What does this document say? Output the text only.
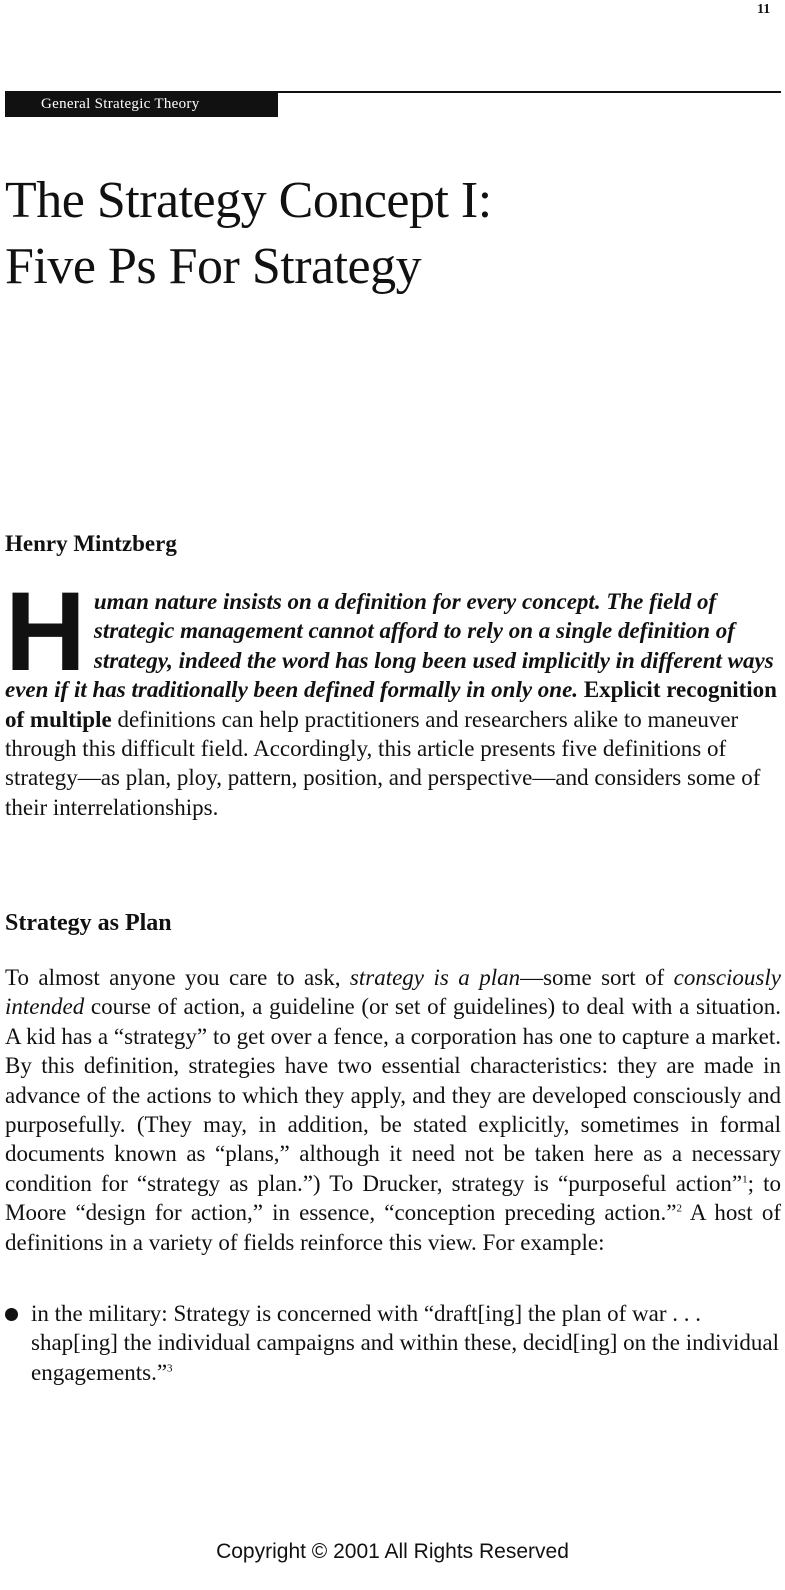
11
General Strategic Theory
The Strategy Concept I:
Five Ps For Strategy
Henry Mintzberg

Human nature insists on a definition for every concept. The field of strategic management cannot afford to rely on a single definition of strategy, indeed the word has long been used implicitly in different ways even if it has traditionally been defined formally in only one. Explicit recognition of multiple definitions can help practitioners and researchers alike to maneuver through this difficult field. Accordingly, this article presents five definitions of strategy—as plan, ploy, pattern, position, and perspective—and considers some of their interrelationships.

Strategy as Plan

To almost anyone you care to ask, strategy is a plan—some sort of consciously intended course of action, a guideline (or set of guidelines) to deal with a situation. A kid has a “strategy” to get over a fence, a corporation has one to capture a market. By this definition, strategies have two essential characteristics: they are made in advance of the actions to which they apply, and they are developed consciously and purposefully. (They may, in addition, be stated explicitly, sometimes in formal documents known as “plans,” although it need not be taken here as a necessary condition for “strategy as plan.”) To Drucker, strategy is “purposeful action”$^1$; to Moore “design for action,” in essence, “conception preceding action.”$^2$ A host of definitions in a variety of fields reinforce this view. For example:

in the military: Strategy is concerned with “draft[ing] the plan of war . . . shap[ing] the individual campaigns and within these, decid[ing] on the individual engagements.”$^3$
Copyright © 2001 All Rights Reserved
